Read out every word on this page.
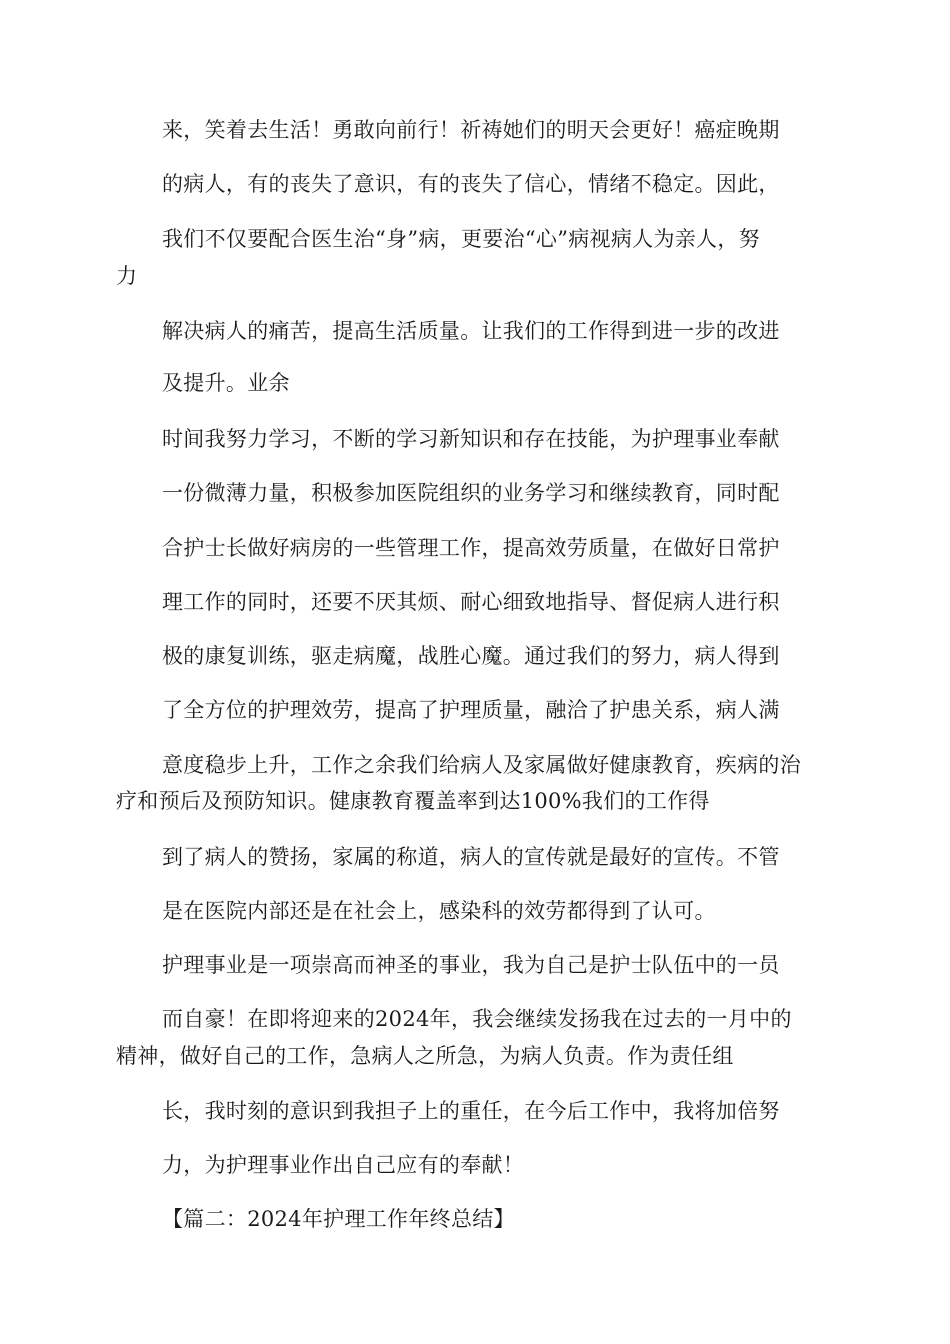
来，笑着去生活！勇敢向前行！祈祷她们的明天会更好！癌症晚期
的病人，有的丧失了意识，有的丧失了信心，情绪不稳定。因此，
我们不仅要配合医生治“身”病，更要治“心”病视病人为亲人，努
力
解决病人的痛苦，提高生活质量。让我们的工作得到进一步的改进
及提升。业余
时间我努力学习，不断的学习新知识和存在技能，为护理事业奉献
一份微薄力量，积极参加医院组织的业务学习和继续教育，同时配
合护士长做好病房的一些管理工作，提高效劳质量，在做好日常护
理工作的同时，还要不厌其烦、耐心细致地指导、督促病人进行积
极的康复训练，驱走病魔，战胜心魔。通过我们的努力，病人得到
了全方位的护理效劳，提高了护理质量，融洽了护患关系，病人满
意度稳步上升，工作之余我们给病人及家属做好健康教育，疾病的治
疗和预后及预防知识。健康教育覆盖率到达100%我们的工作得
到了病人的赞扬，家属的称道，病人的宣传就是最好的宣传。不管
是在医院内部还是在社会上，感染科的效劳都得到了认可。
护理事业是一项崇高而神圣的事业，我为自己是护士队伍中的一员
而自豪！在即将迎来的2024年，我会继续发扬我在过去的一月中的
精神，做好自己的工作，急病人之所急，为病人负责。作为责任组
长，我时刻的意识到我担子上的重任，在今后工作中，我将加倍努
力，为护理事业作出自己应有的奉献！
【篇二：2024年护理工作年终总结】
